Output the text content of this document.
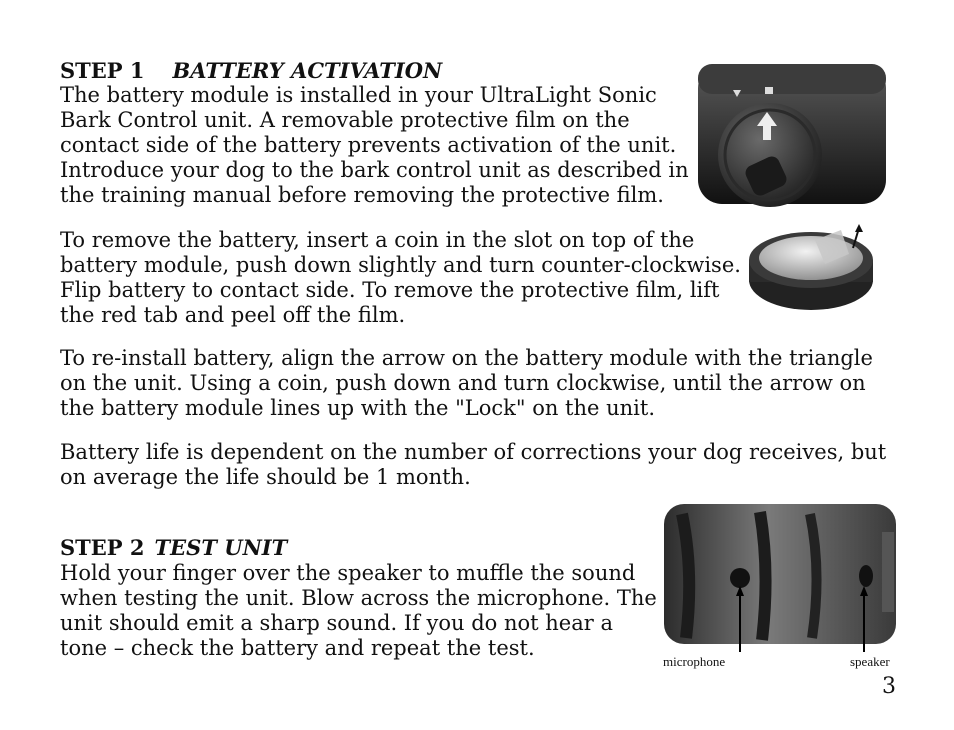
STEP 1 BATTERY ACTIVATION

The battery module is installed in your UltraLight Sonic Bark Control unit. A removable protective film on the contact side of the battery prevents activation of the unit. Introduce your dog to the bark control unit as described in the training manual before removing the protective film.

To remove the battery, insert a coin in the slot on top of the battery module, push down slightly and turn counter-clockwise. Flip battery to contact side. To remove the protective film, lift the red tab and peel off the film.

To re-install battery, align the arrow on the battery module with the triangle on the unit. Using a coin, push down and turn clockwise, until the arrow on the battery module lines up with the "Lock" on the unit.

Battery life is dependent on the number of corrections your dog receives, but on average the life should be 1 month.

STEP 2 TEST UNIT

Hold your finger over the speaker to muffle the sound when testing the unit. Blow across the microphone. The unit should emit a sharp sound. If you do not hear a tone – check the battery and repeat the test.

microphone	speaker
3
